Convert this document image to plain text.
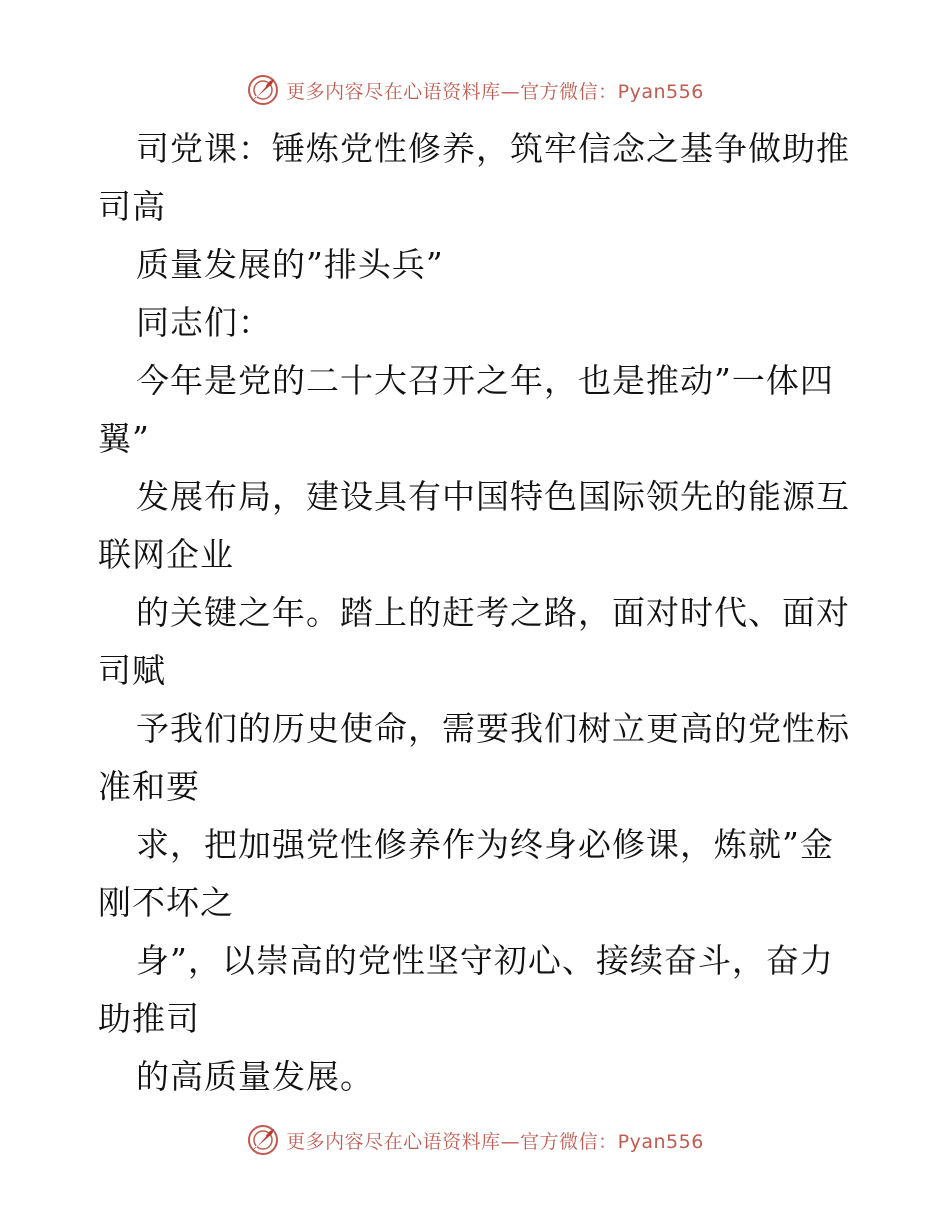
更多内容尽在心语资料库—官方微信：Pyan556
司党课：锤炼党性修养，筑牢信念之基争做助推
司高
质量发展的”排头兵”
同志们：
今年是党的二十大召开之年，也是推动”一体四
翼”
发展布局，建设具有中国特色国际领先的能源互
联网企业
的关键之年。踏上的赶考之路，面对时代、面对
司赋
予我们的历史使命，需要我们树立更高的党性标
准和要
求，把加强党性修养作为终身必修课，炼就”金
刚不坏之
身”，以崇高的党性坚守初心、接续奋斗，奋力
助推司
的高质量发展。
更多内容尽在心语资料库—官方微信：Pyan556
